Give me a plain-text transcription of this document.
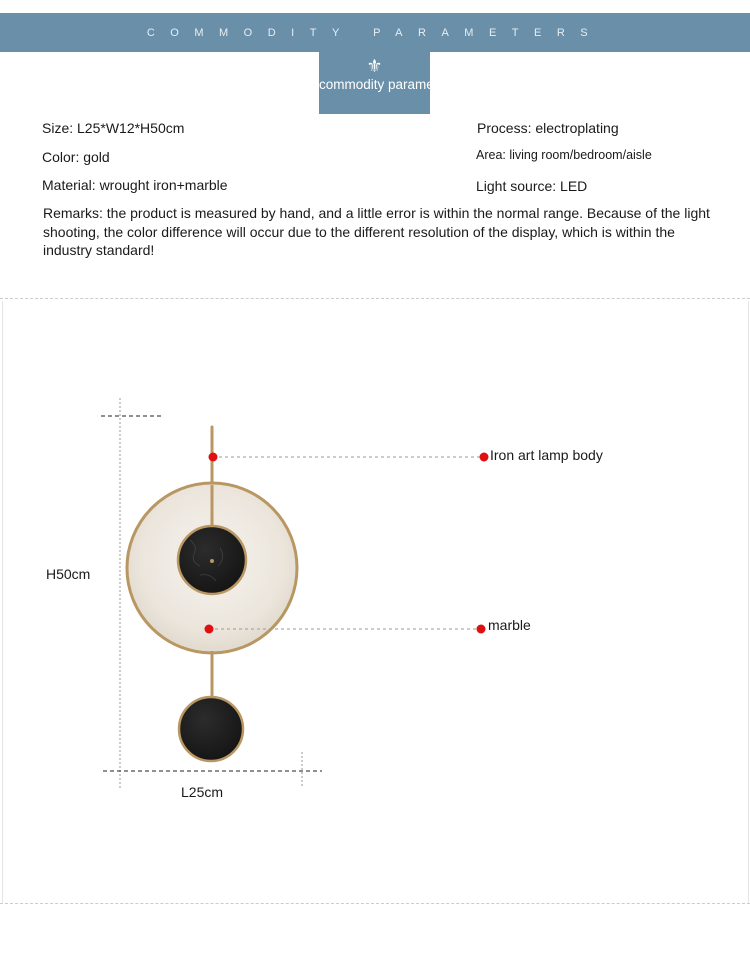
COMMODITY PARAMETERS
⚜
commodity parameters
Size: L25*W12*H50cm
Color: gold
Material: wrought iron+marble
Process: electroplating
Area: living room/bedroom/aisle
Light source: LED
Remarks: the product is measured by hand, and a little error is within the normal range. Because of the light shooting, the color difference will occur due to the different resolution of the display, which is within the industry standard!
H50cm
L25cm
Iron art lamp body
marble
